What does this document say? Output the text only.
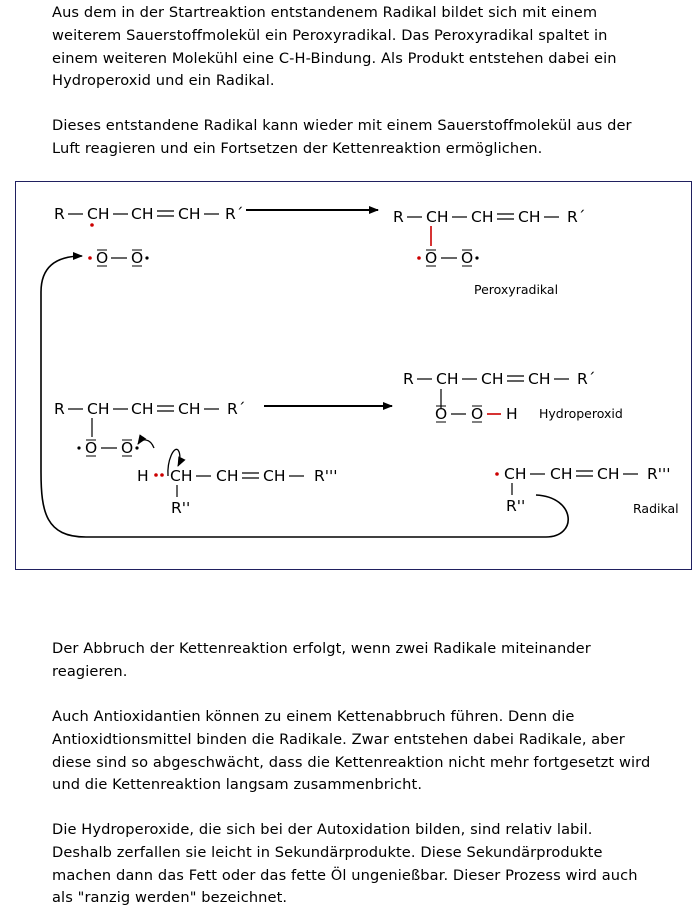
Aus dem in der Startreaktion entstandenem Radikal bildet sich mit einem
weiterem Sauerstoffmolekül ein Peroxyradikal. Das Peroxyradikal spaltet in
einem weiteren Molekühl eine C-H-Bindung. Als Produkt entstehen dabei ein
Hydroperoxid und ein Radikal.

Dieses entstandene Radikal kann wieder mit einem Sauerstoffmolekül aus der
Luft reagieren und ein Fortsetzen der Kettenreaktion ermöglichen.

R CH CH CH R´
O O
R CH CH CH R´
O O
Peroxyradikal
R CH CH CH R´
O O
H CH CH CH R'''
R''
R CH CH CH R´
O O H Hydroperoxid
CH CH CH R'''
R''	Radikal

Der Abbruch der Kettenreaktion erfolgt, wenn zwei Radikale miteinander
reagieren.

Auch Antioxidantien können zu einem Kettenabbruch führen. Denn die
Antioxidtionsmittel binden die Radikale. Zwar entstehen dabei Radikale, aber
diese sind so abgeschwächt, dass die Kettenreaktion nicht mehr fortgesetzt wird
und die Kettenreaktion langsam zusammenbricht.

Die Hydroperoxide, die sich bei der Autoxidation bilden, sind relativ labil.
Deshalb zerfallen sie leicht in Sekundärprodukte. Diese Sekundärprodukte
machen dann das Fett oder das fette Öl ungenießbar. Dieser Prozess wird auch
als "ranzig werden" bezeichnet.
